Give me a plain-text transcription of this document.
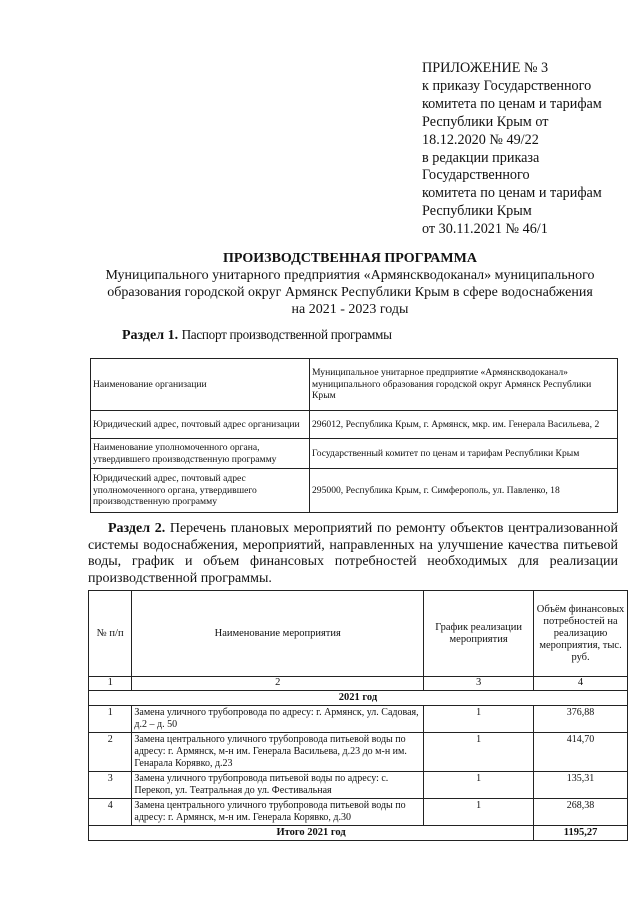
ПРИЛОЖЕНИЕ № 3
к приказу Государственного
комитета по ценам и тарифам
Республики Крым от
18.12.2020 № 49/22
в редакции приказа
Государственного
комитета по ценам и тарифам
Республики Крым
от 30.11.2021 № 46/1
ПРОИЗВОДСТВЕННАЯ ПРОГРАММА
Муниципального унитарного предприятия «Армянскводоканал» муниципального
образования городской округ Армянск Республики Крым в сфере водоснабжения
на 2021 - 2023 годы
Раздел 1. Паспорт производственной программы
Наименование организации	Муниципальное унитарное предприятие «Армянскводоканал» муниципального образования городской округ Армянск Республики Крым
Юридический адрес, почтовый адрес организации	296012, Республика Крым, г. Армянск, мкр. им. Генерала Васильева, 2
Наименование уполномоченного органа, утвердившего производственную программу	Государственный комитет по ценам и тарифам Республики Крым
Юридический адрес, почтовый адрес уполномоченного органа, утвердившего производственную программу	295000, Республика Крым, г. Симферополь, ул. Павленко, 18
Раздел 2. Перечень плановых мероприятий по ремонту объектов централизованной системы водоснабжения, мероприятий, направленных на улучшение качества питьевой воды, график и объем финансовых потребностей необходимых для реализации производственной программы.
№ п/п	Наименование мероприятия	График реализации мероприятия	Объём финансовых потребностей на реализацию мероприятия, тыс. руб.
1	2	3	4
2021 год			
1	Замена уличного трубопровода по адресу: г. Армянск, ул. Садовая, д.2 – д. 50	1	376,88
2	Замена центрального уличного трубопровода питьевой воды по адресу: г. Армянск, м-н им. Генерала Васильева, д.23 до м-н им. Генарала Корявко, д.23	1	414,70
3	Замена уличного трубопровода питьевой воды по адресу: с. Перекоп, ул. Театральная до ул. Фестивальная	1	135,31
4	Замена центрального уличного трубопровода питьевой воды по адресу: г. Армянск, м-н им. Генерала Корявко, д.30	1	268,38
Итого 2021 год			1195,27
